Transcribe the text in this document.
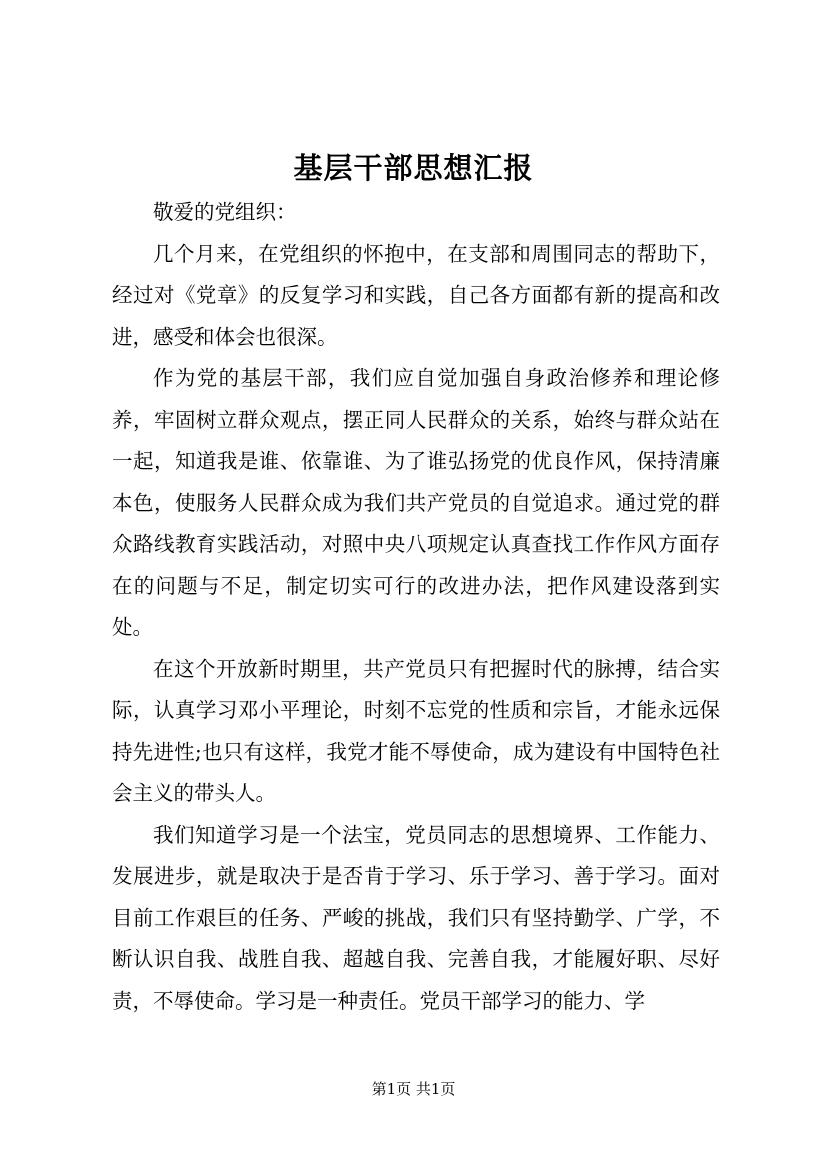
基层干部思想汇报

敬爱的党组织：

几个月来，在党组织的怀抱中，在支部和周围同志的帮助下，经过对《党章》的反复学习和实践，自己各方面都有新的提高和改进，感受和体会也很深。

作为党的基层干部，我们应自觉加强自身政治修养和理论修养，牢固树立群众观点，摆正同人民群众的关系，始终与群众站在一起，知道我是谁、依靠谁、为了谁弘扬党的优良作风，保持清廉本色，使服务人民群众成为我们共产党员的自觉追求。通过党的群众路线教育实践活动，对照中央八项规定认真查找工作作风方面存在的问题与不足，制定切实可行的改进办法，把作风建设落到实处。

在这个开放新时期里，共产党员只有把握时代的脉搏，结合实际，认真学习邓小平理论，时刻不忘党的性质和宗旨，才能永远保持先进性;也只有这样，我党才能不辱使命，成为建设有中国特色社会主义的带头人。

我们知道学习是一个法宝，党员同志的思想境界、工作能力、发展进步，就是取决于是否肯于学习、乐于学习、善于学习。面对目前工作艰巨的任务、严峻的挑战，我们只有坚持勤学、广学，不断认识自我、战胜自我、超越自我、完善自我，才能履好职、尽好责，不辱使命。学习是一种责任。党员干部学习的能力、学

第1页 共1页
